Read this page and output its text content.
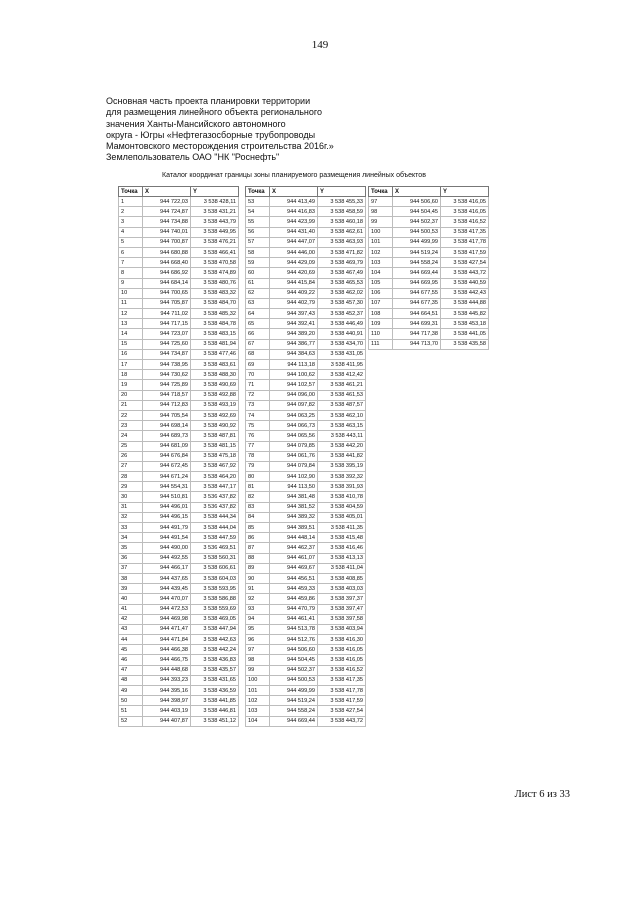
149
Основная часть проекта планировки территории
для размещения линейного объекта регионального
значения Ханты-Мансийского автономного
округа - Югры «Нефтегазосборные трубопроводы
Мамонтовского месторождения строительства 2016г.»
Землепользователь ОАО "НК "Роснефть"
Каталог координат границы зоны планируемого размещения линейных объектов
Точка	X	Y
1	944 722,03	3 538 428,11
2	944 724,87	3 538 431,21
3	944 734,88	3 538 443,79
4	944 740,01	3 538 449,95
5	944 700,87	3 538 476,21
6	944 680,88	3 538 466,41
7	944 668,40	3 538 470,58
8	944 686,92	3 538 474,89
9	944 684,14	3 538 480,76
10	944 700,65	3 538 483,32
11	944 705,87	3 538 484,70
12	944 711,02	3 538 485,32
13	944 717,15	3 538 484,78
14	944 723,07	3 538 483,15
15	944 725,60	3 538 481,94
16	944 734,87	3 538 477,46
17	944 738,95	3 538 483,61
18	944 730,62	3 538 488,30
19	944 725,89	3 538 490,69
20	944 718,57	3 538 492,88
21	944 712,83	3 538 493,19
22	944 705,54	3 538 492,69
23	944 698,14	3 538 490,92
24	944 689,73	3 538 487,81
25	944 681,09	3 538 481,15
26	944 676,84	3 538 475,18
27	944 672,45	3 538 467,92
28	944 671,24	3 538 464,20
29	944 554,31	3 538 447,17
30	944 510,81	3 536 437,82
31	944 496,01	3 536 437,82
32	944 496,15	3 538 444,34
33	944 491,79	3 538 444,04
34	944 491,54	3 538 447,59
35	944 490,00	3 536 469,51
36	944 492,55	3 538 560,31
37	944 466,17	3 538 606,61
38	944 437,65	3 538 604,03
39	944 439,45	3 538 593,95
40	944 470,07	3 538 586,88
41	944 472,53	3 538 559,69
42	944 469,98	3 538 469,05
43	944 471,47	3 538 447,94
44	944 471,84	3 538 442,63
45	944 466,38	3 538 442,24
46	944 466,75	3 538 436,83
47	944 448,68	3 538 435,57
48	944 393,23	3 538 431,65
49	944 395,16	3 538 436,59
50	944 398,97	3 538 441,85
51	944 403,19	3 538 446,81
52	944 407,87	3 538 451,12
Точка	X	Y
53	944 413,49	3 538 455,33
54	944 416,83	3 538 458,59
55	944 423,99	3 538 460,18
56	944 431,40	3 538 462,61
57	944 447,07	3 538 463,93
58	944 446,00	3 538 471,82
59	944 429,09	3 538 469,79
60	944 420,69	3 538 467,49
61	944 415,84	3 538 465,53
62	944 409,22	3 538 462,02
63	944 402,79	3 538 457,30
64	944 397,43	3 538 452,37
65	944 392,41	3 538 446,49
66	944 389,20	3 538 440,91
67	944 386,77	3 538 434,70
68	944 384,63	3 538 431,05
69	944 113,18	3 538 411,95
70	944 100,62	3 538 412,42
71	944 102,57	3 538 461,21
72	944 096,00	3 538 461,53
73	944 097,82	3 538 487,57
74	944 063,25	3 538 462,10
75	944 066,73	3 538 463,15
76	944 065,56	3 538 443,11
77	944 079,85	3 538 442,20
78	944 061,76	3 538 441,82
79	944 079,84	3 538 395,19
80	944 102,90	3 538 392,32
81	944 113,50	3 538 391,93
82	944 381,48	3 538 410,78
83	944 381,52	3 538 404,59
84	944 389,32	3 538 405,01
85	944 389,51	3 538 411,35
86	944 448,14	3 538 415,48
87	944 462,37	3 538 416,46
88	944 461,07	3 538 413,13
89	944 469,67	3 538 411,04
90	944 456,51	3 538 408,85
91	944 459,33	3 538 403,03
92	944 459,86	3 538 397,37
93	944 470,79	3 538 397,47
94	944 461,41	3 538 397,58
95	944 513,78	3 538 403,94
96	944 512,76	3 538 416,30
97	944 506,60	3 538 416,05
98	944 504,45	3 538 416,05
99	944 502,37	3 538 416,52
100	944 500,53	3 538 417,35
101	944 499,99	3 538 417,78
102	944 519,24	3 538 417,59
103	944 558,24	3 538 427,54
104	944 669,44	3 538 443,72
Точка	X	Y
97	944 506,60	3 538 416,05
98	944 504,45	3 538 416,05
99	944 502,37	3 538 416,52
100	944 500,53	3 538 417,35
101	944 499,99	3 538 417,78
102	944 519,24	3 538 417,59
103	944 558,24	3 538 427,54
104	944 669,44	3 538 443,72
105	944 669,95	3 538 440,59
106	944 677,55	3 538 442,43
107	944 677,35	3 538 444,88
108	944 664,51	3 538 445,82
109	944 699,31	3 538 453,18
110	944 717,38	3 538 441,05
111	944 713,70	3 538 435,58
Лист 6 из 33
